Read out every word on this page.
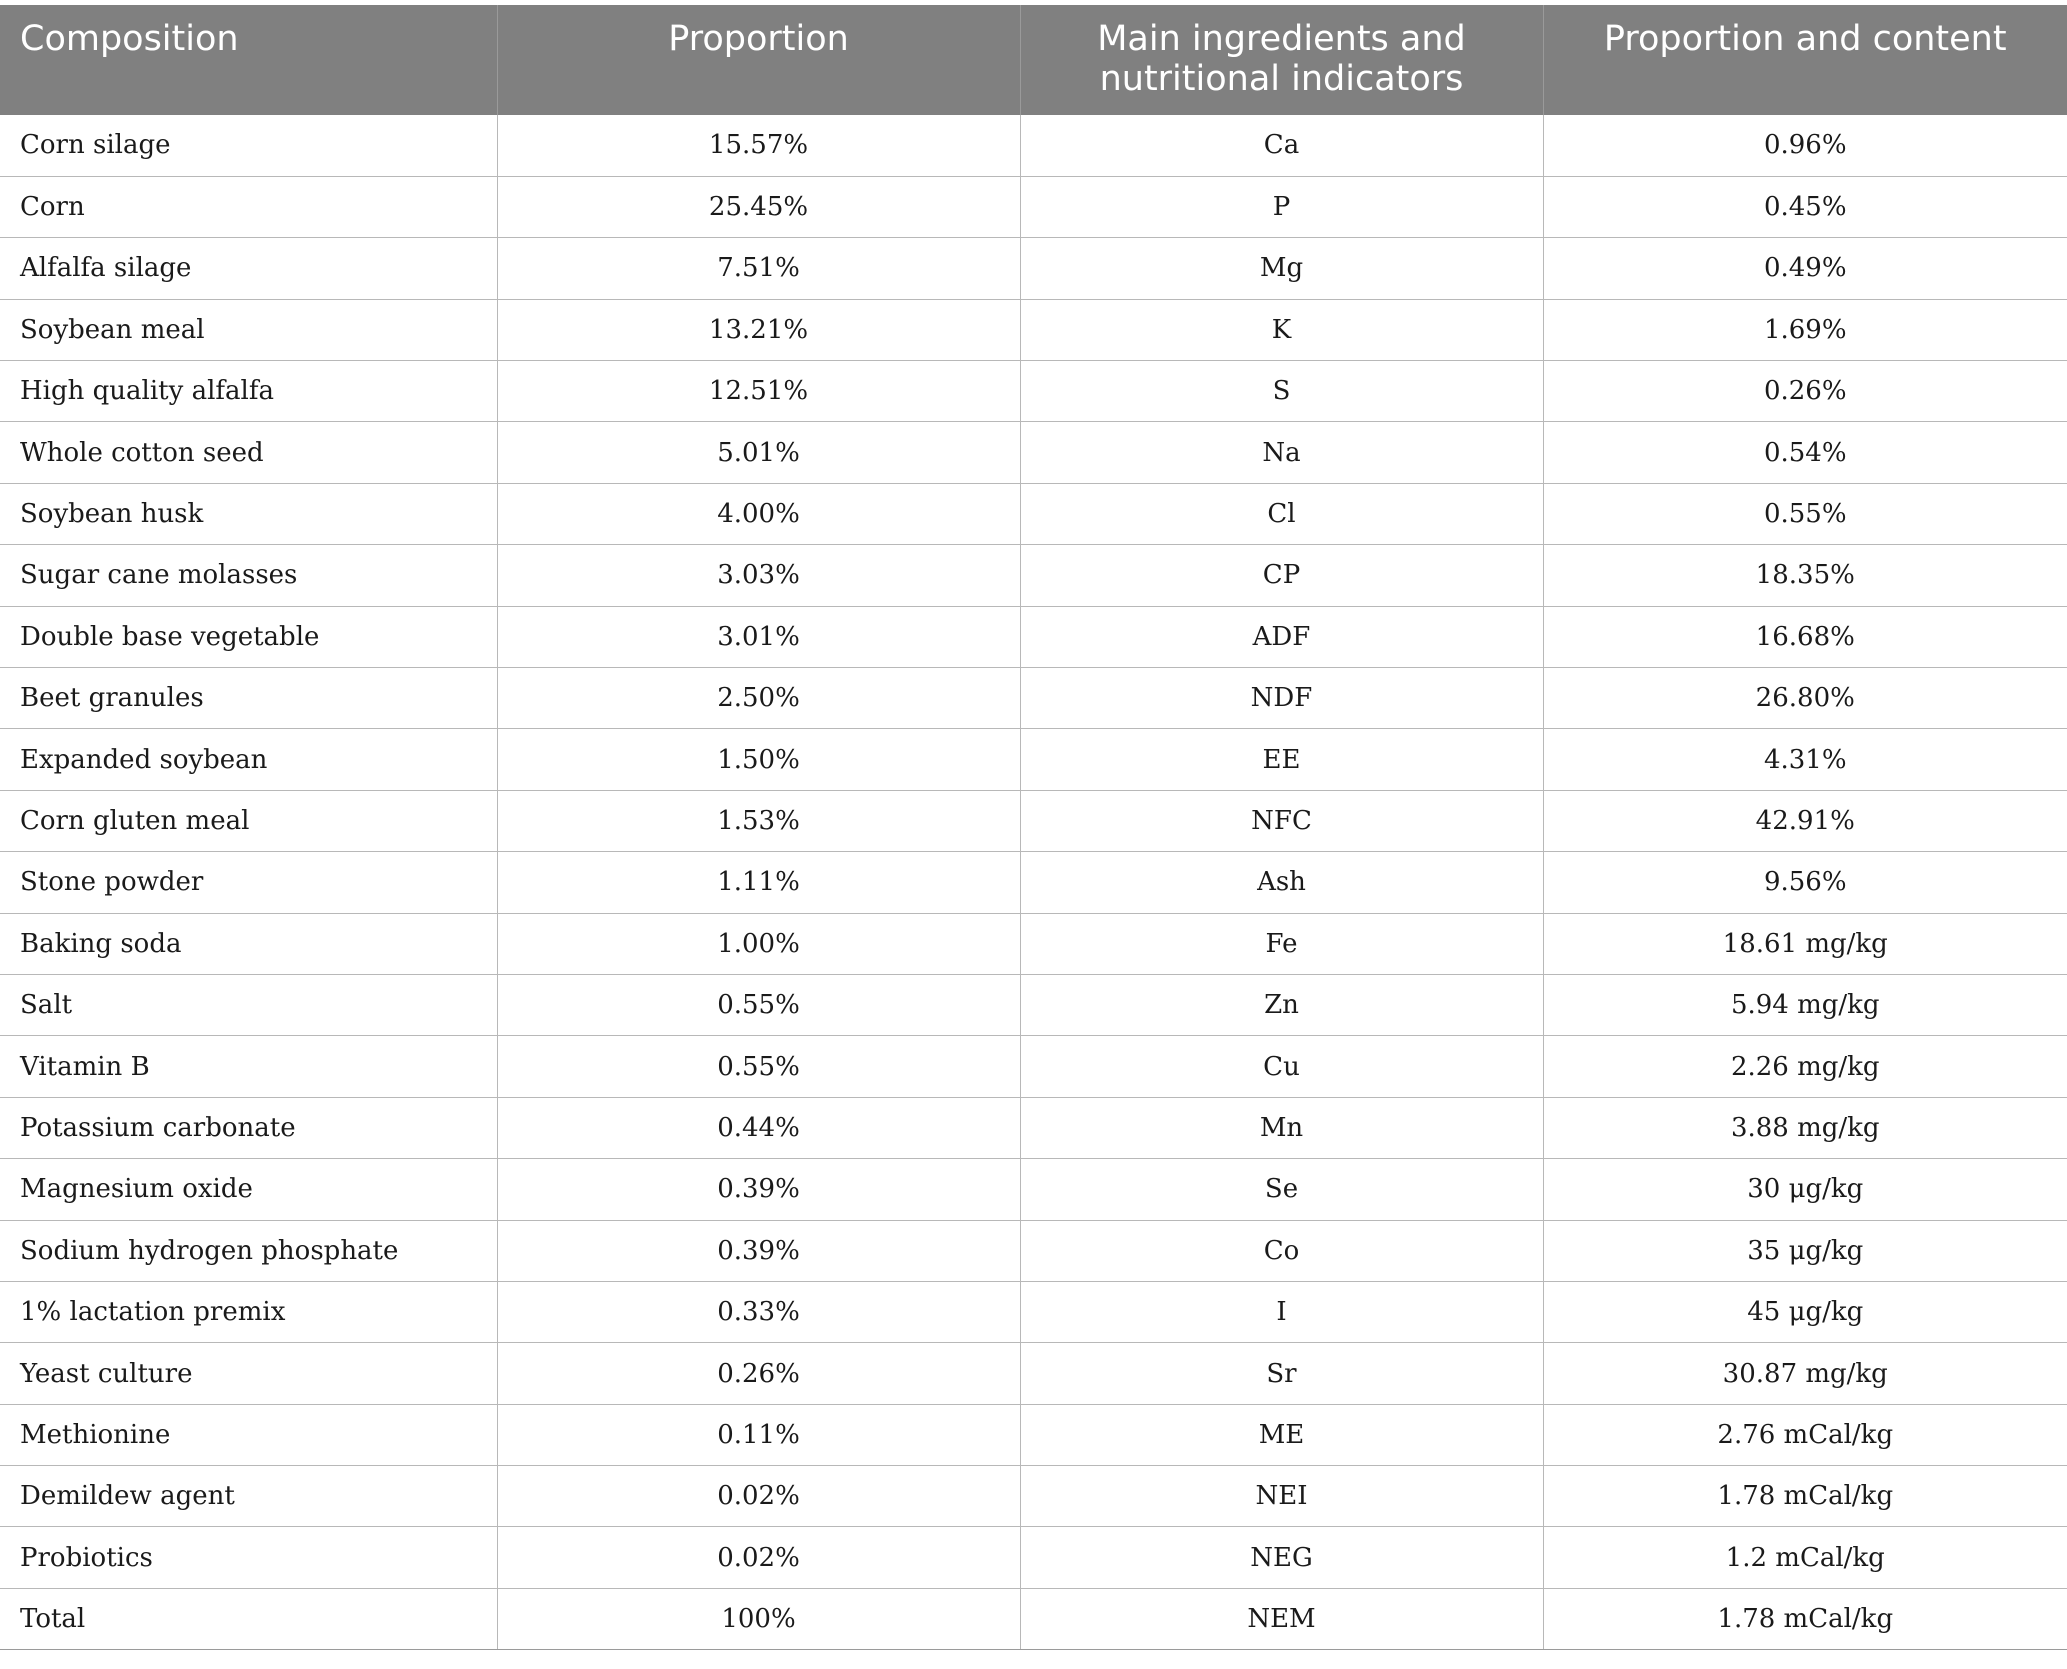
Composition	Proportion	Main ingredients and nutritional indicators	Proportion and content
Corn silage	15.57%	Ca	0.96%
Corn	25.45%	P	0.45%
Alfalfa silage	7.51%	Mg	0.49%
Soybean meal	13.21%	K	1.69%
High quality alfalfa	12.51%	S	0.26%
Whole cotton seed	5.01%	Na	0.54%
Soybean husk	4.00%	Cl	0.55%
Sugar cane molasses	3.03%	CP	18.35%
Double base vegetable	3.01%	ADF	16.68%
Beet granules	2.50%	NDF	26.80%
Expanded soybean	1.50%	EE	4.31%
Corn gluten meal	1.53%	NFC	42.91%
Stone powder	1.11%	Ash	9.56%
Baking soda	1.00%	Fe	18.61 mg/kg
Salt	0.55%	Zn	5.94 mg/kg
Vitamin B	0.55%	Cu	2.26 mg/kg
Potassium carbonate	0.44%	Mn	3.88 mg/kg
Magnesium oxide	0.39%	Se	30 μg/kg
Sodium hydrogen phosphate	0.39%	Co	35 μg/kg
1% lactation premix	0.33%	I	45 μg/kg
Yeast culture	0.26%	Sr	30.87 mg/kg
Methionine	0.11%	ME	2.76 mCal/kg
Demildew agent	0.02%	NEI	1.78 mCal/kg
Probiotics	0.02%	NEG	1.2 mCal/kg
Total	100%	NEM	1.78 mCal/kg
